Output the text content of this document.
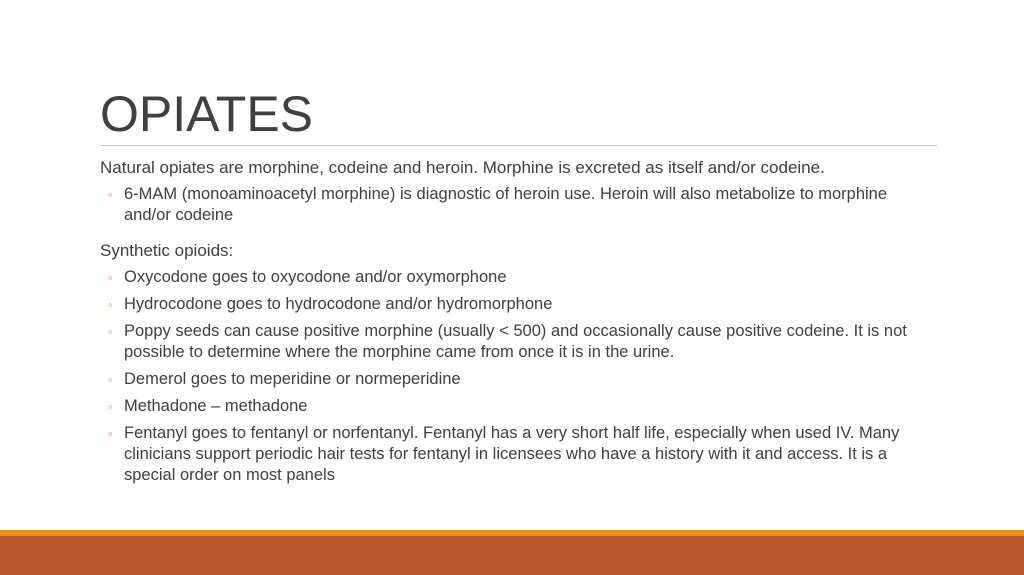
OPIATES

Natural opiates are morphine, codeine and heroin. Morphine is excreted as itself and/or codeine.

◦ 6-MAM (monoaminoacetyl morphine) is diagnostic of heroin use. Heroin will also metabolize to morphine and/or codeine

Synthetic opioids:

◦ Oxycodone goes to oxycodone and/or oxymorphone
◦ Hydrocodone goes to hydrocodone and/or hydromorphone
◦ Poppy seeds can cause positive morphine (usually < 500) and occasionally cause positive codeine. It is not possible to determine where the morphine came from once it is in the urine.
◦ Demerol goes to meperidine or normeperidine
◦ Methadone – methadone
◦ Fentanyl goes to fentanyl or norfentanyl. Fentanyl has a very short half life, especially when used IV. Many clinicians support periodic hair tests for fentanyl in licensees who have a history with it and access. It is a special order on most panels
